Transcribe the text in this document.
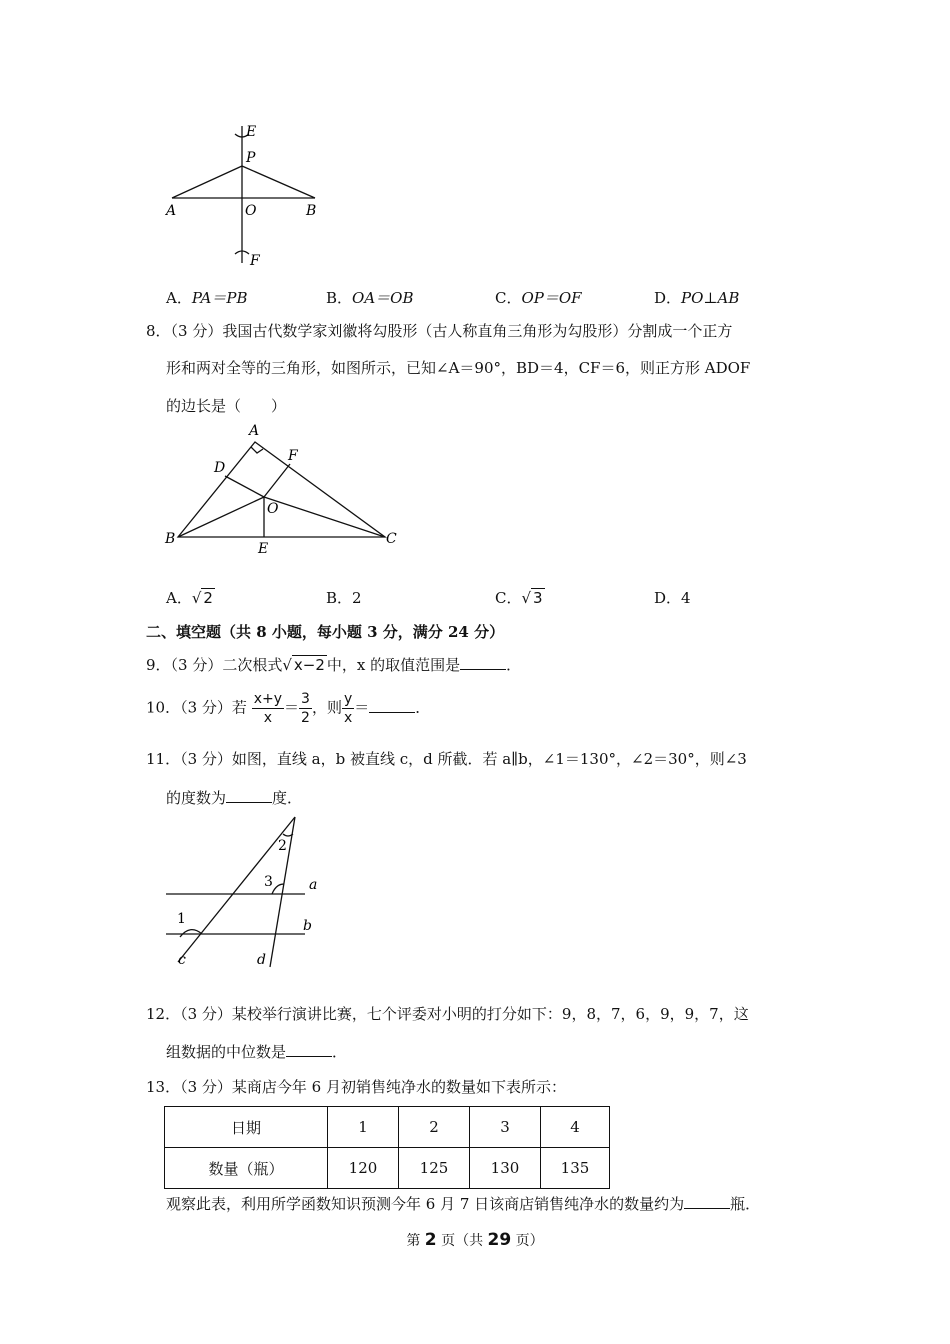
E
P
A	O	B
F
A．PA＝PB	B．OA＝OB	C．OP＝OF	D．PO⊥AB
8．（3 分）我国古代数学家刘徽将勾股形（古人称直角三角形为勾股形）分割成一个正方
形和两对全等的三角形，如图所示，已知∠A＝90°，BD＝4，CF＝6，则正方形 ADOF
的边长是（　　）
A
D
F
O
B
E
C
A．√ 2	B．2	C．√ 3	D．4
二、填空题（共 8 小题，每小题 3 分，满分 24 分）
9．（3 分）二次根式√ x−2 中，x 的取值范围是	．
10．（3 分）若 $\frac{x+y}{x} = \frac{3}{2}$ ，则 $\frac{y}{x}$ ＝	．
11．（3 分）如图，直线 a，b 被直线 c，d 所截．若 a∥b，∠1＝130°，∠2＝30°，则∠3
的度数为	度．
2
3
1
a
b
c	d
12．（3 分）某校举行演讲比赛，七个评委对小明的打分如下：9，8，7，6，9，9，7，这
组数据的中位数是	．
13．（3 分）某商店今年 6 月初销售纯净水的数量如下表所示：
日期	1	2	3	4
数量（瓶）	120	125	130	135
观察此表，利用所学函数知识预测今年 6 月 7 日该商店销售纯净水的数量约为	瓶．
第 2 页（共 29 页）
